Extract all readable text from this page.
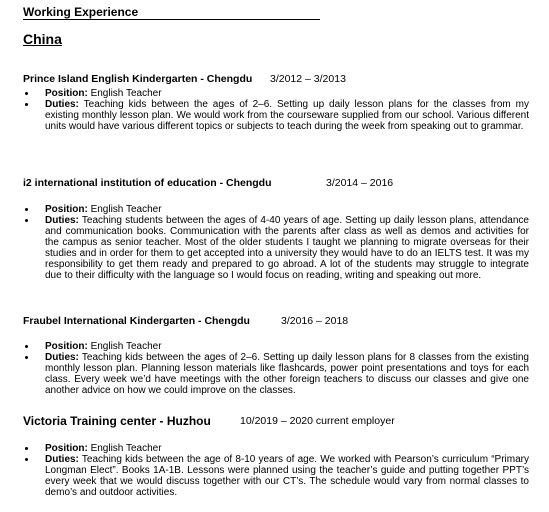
Working Experience
China
Prince Island English Kindergarten - Chengdu 3/2012 – 3/2013

Position: English Teacher

Duties: Teaching kids between the ages of 2–6. Setting up daily lesson plans for the classes from my existing monthly lesson plan. We would work from the courseware supplied from our school. Various different units would have various different topics or subjects to teach during the week from speaking out to grammar.

i2 international institution of education - Chengdu	3/2014 – 2016

Position: English Teacher

Duties: Teaching students between the ages of 4-40 years of age. Setting up daily lesson plans, attendance and communication books. Communication with the parents after class as well as demos and activities for the campus as senior teacher. Most of the older students I taught we planning to migrate overseas for their studies and in order for them to get accepted into a university they would have to do an IELTS test. It was my responsibility to get them ready and prepared to go abroad. A lot of the students may struggle to integrate due to their difficulty with the language so I would focus on reading, writing and speaking out more.

Fraubel International Kindergarten - Chengdu	3/2016 – 2018

Position: English Teacher

Duties: Teaching kids between the ages of 2–6. Setting up daily lesson plans for 8 classes from the existing monthly lesson plan. Planning lesson materials like flashcards, power point presentations and toys for each class. Every week we’d have meetings with the other foreign teachers to discuss our classes and give one another advice on how we could improve on the classes.

Victoria Training center - Huzhou	10/2019 – 2020 current employer

Position: English Teacher

Duties: Teaching kids between the age of 8-10 years of age. We worked with Pearson’s curriculum “Primary Longman Elect”. Books 1A-1B. Lessons were planned using the teacher’s guide and putting together PPT’s every week that we would discuss together with our CT’s. The schedule would vary from normal classes to demo’s and outdoor activities.
